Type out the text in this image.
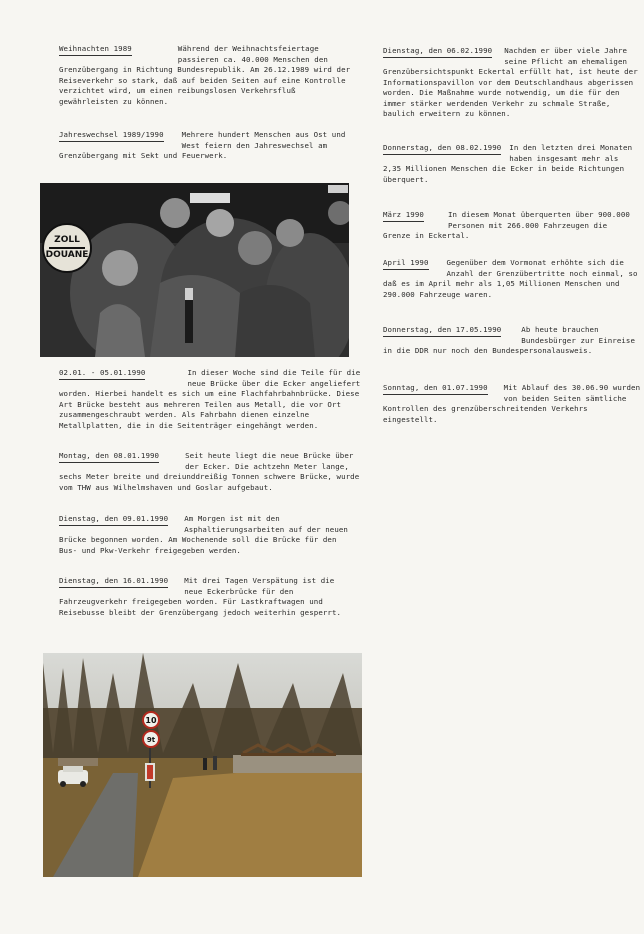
Weihnachten 1989	Während der Weihnachtsfeiertage passieren ca. 40.000 Menschen den Grenzübergang in Richtung Bundesrepublik. Am 26.12.1989 wird der Reiseverkehr so stark, daß auf beiden Seiten auf eine Kontrolle verzichtet wird, um einen reibungslosen Verkehrsfluß gewährleisten zu können.
Jahreswechsel 1989/1990 Mehrere hundert Menschen aus Ost und West feiern den Jahreswechsel am Grenzübergang mit Sekt und Feuerwerk.
ZOLL
DOUANE
02.01. - 05.01.1990	In dieser Woche sind die Teile für die neue Brücke über die Ecker angeliefert worden. Hierbei handelt es sich um eine Flachfahrbahnbrücke. Diese Art Brücke besteht aus mehreren Teilen aus Metall, die vor Ort zusammengeschraubt werden. Als Fahrbahn dienen einzelne Metallplatten, die in die Seitenträger eingehängt werden.
Montag, den 08.01.1990	Seit heute liegt die neue Brücke über der Ecker. Die achtzehn Meter lange, sechs Meter breite und dreiunddreißig Tonnen schwere Brücke, wurde vom THW aus Wilhelmshaven und Goslar aufgebaut.
Dienstag, den 09.01.1990 Am Morgen ist mit den Asphaltierungsarbeiten auf der neuen Brücke begonnen worden. Am Wochenende soll die Brücke für den Bus- und Pkw-Verkehr freigegeben werden.
Dienstag, den 16.01.1990 Mit drei Tagen Verspätung ist die neue Eckerbrücke für den Fahrzeugverkehr freigegeben worden. Für Lastkraftwagen und Reisebusse bleibt der Grenzübergang jedoch weiterhin gesperrt.
10
9t
Dienstag, den 06.02.1990 Nachdem er über viele Jahre seine Pflicht am ehemaligen Grenzübersichtspunkt Eckertal erfüllt hat, ist heute der Informationspavillon vor dem Deutschlandhaus abgerissen worden. Die Maßnahme wurde notwendig, um die für den immer stärker werdenden Verkehr zu schmale Straße, baulich erweitern zu können.
Donnerstag, den 08.02.1990 In den letzten drei Monaten haben insgesamt mehr als 2,35 Millionen Menschen die Ecker in beide Richtungen überquert.
März 1990	In diesem Monat überquerten über 900.000 Personen mit 266.000 Fahrzeugen die Grenze in Eckertal.
April 1990 Gegenüber dem Vormonat erhöhte sich die Anzahl der Grenzübertritte noch einmal, so daß es im April mehr als 1,05 Millionen Menschen und 290.000 Fahrzeuge waren.
Donnerstag, den 17.05.1990	Ab heute brauchen Bundesbürger zur Einreise in die DDR nur noch den Bundespersonalausweis.
Sonntag, den 01.07.1990 Mit Ablauf des 30.06.90 wurden von beiden Seiten sämtliche Kontrollen des grenzüberschreitenden Verkehrs eingestellt.
